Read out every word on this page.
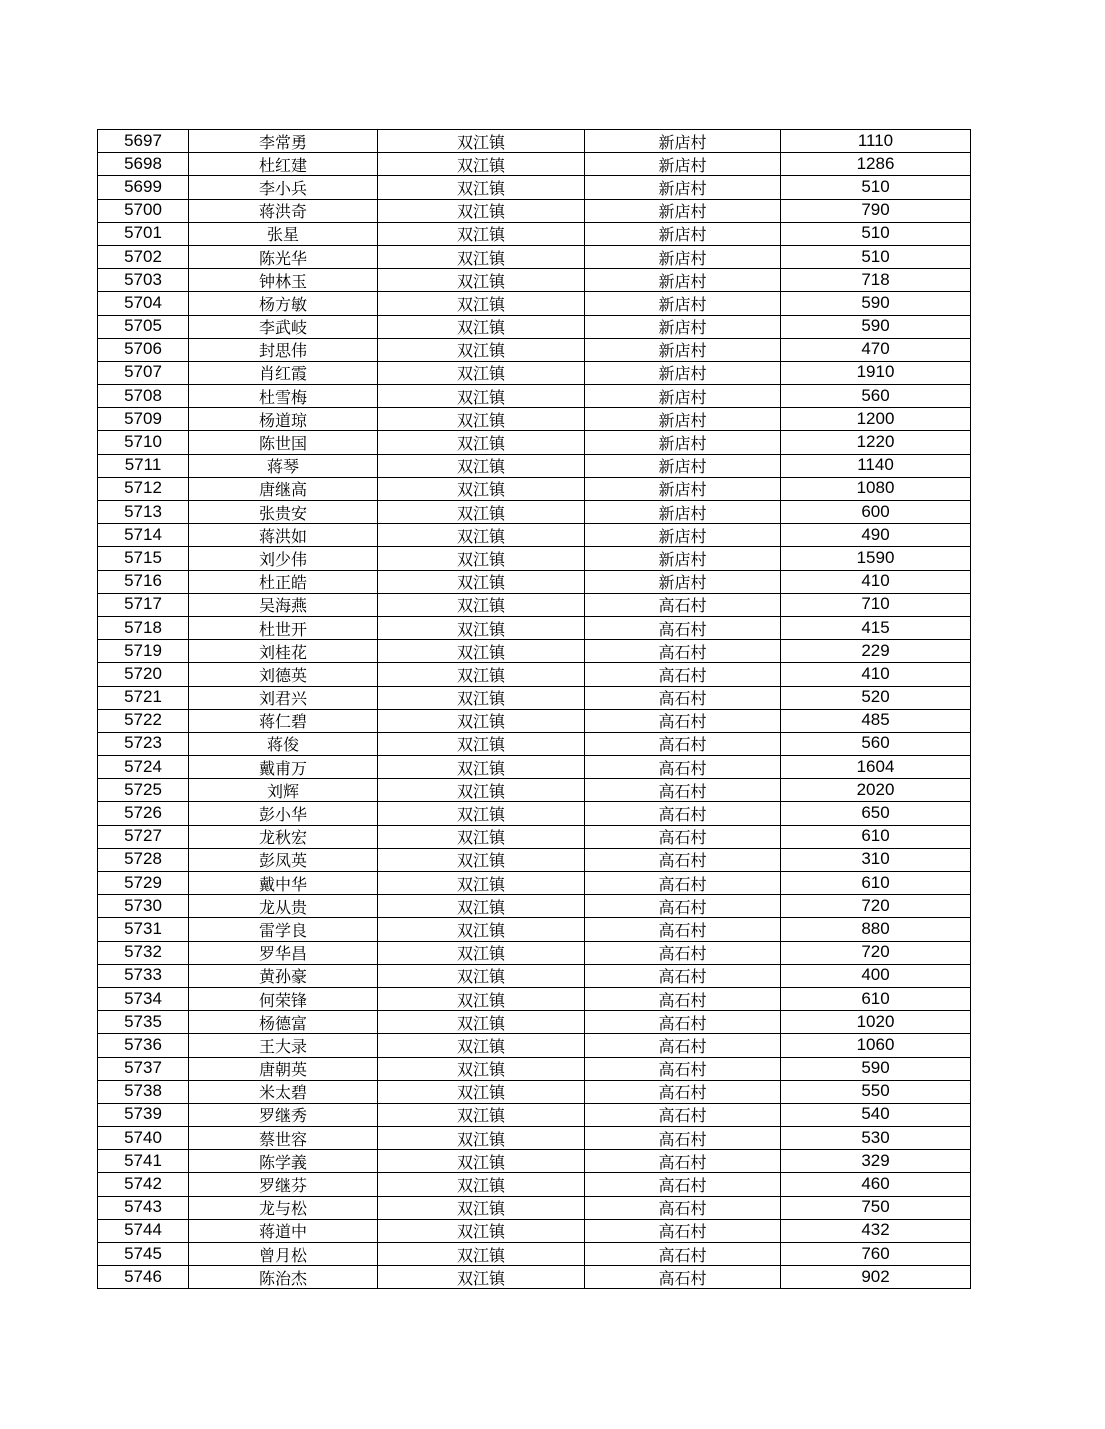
5697	李常勇	双江镇	新店村	1110
5698	杜红建	双江镇	新店村	1286
5699	李小兵	双江镇	新店村	510
5700	蒋洪奇	双江镇	新店村	790
5701	张星	双江镇	新店村	510
5702	陈光华	双江镇	新店村	510
5703	钟林玉	双江镇	新店村	718
5704	杨方敏	双江镇	新店村	590
5705	李武岐	双江镇	新店村	590
5706	封思伟	双江镇	新店村	470
5707	肖红霞	双江镇	新店村	1910
5708	杜雪梅	双江镇	新店村	560
5709	杨道琼	双江镇	新店村	1200
5710	陈世国	双江镇	新店村	1220
5711	蒋琴	双江镇	新店村	1140
5712	唐继高	双江镇	新店村	1080
5713	张贵安	双江镇	新店村	600
5714	蒋洪如	双江镇	新店村	490
5715	刘少伟	双江镇	新店村	1590
5716	杜正皓	双江镇	新店村	410
5717	吴海燕	双江镇	高石村	710
5718	杜世开	双江镇	高石村	415
5719	刘桂花	双江镇	高石村	229
5720	刘德英	双江镇	高石村	410
5721	刘君兴	双江镇	高石村	520
5722	蒋仁碧	双江镇	高石村	485
5723	蒋俊	双江镇	高石村	560
5724	戴甫万	双江镇	高石村	1604
5725	刘辉	双江镇	高石村	2020
5726	彭小华	双江镇	高石村	650
5727	龙秋宏	双江镇	高石村	610
5728	彭凤英	双江镇	高石村	310
5729	戴中华	双江镇	高石村	610
5730	龙从贵	双江镇	高石村	720
5731	雷学良	双江镇	高石村	880
5732	罗华昌	双江镇	高石村	720
5733	黄孙豪	双江镇	高石村	400
5734	何荣锋	双江镇	高石村	610
5735	杨德富	双江镇	高石村	1020
5736	王大录	双江镇	高石村	1060
5737	唐朝英	双江镇	高石村	590
5738	米太碧	双江镇	高石村	550
5739	罗继秀	双江镇	高石村	540
5740	蔡世容	双江镇	高石村	530
5741	陈学義	双江镇	高石村	329
5742	罗继芬	双江镇	高石村	460
5743	龙与松	双江镇	高石村	750
5744	蒋道中	双江镇	高石村	432
5745	曾月松	双江镇	高石村	760
5746	陈治杰	双江镇	高石村	902
